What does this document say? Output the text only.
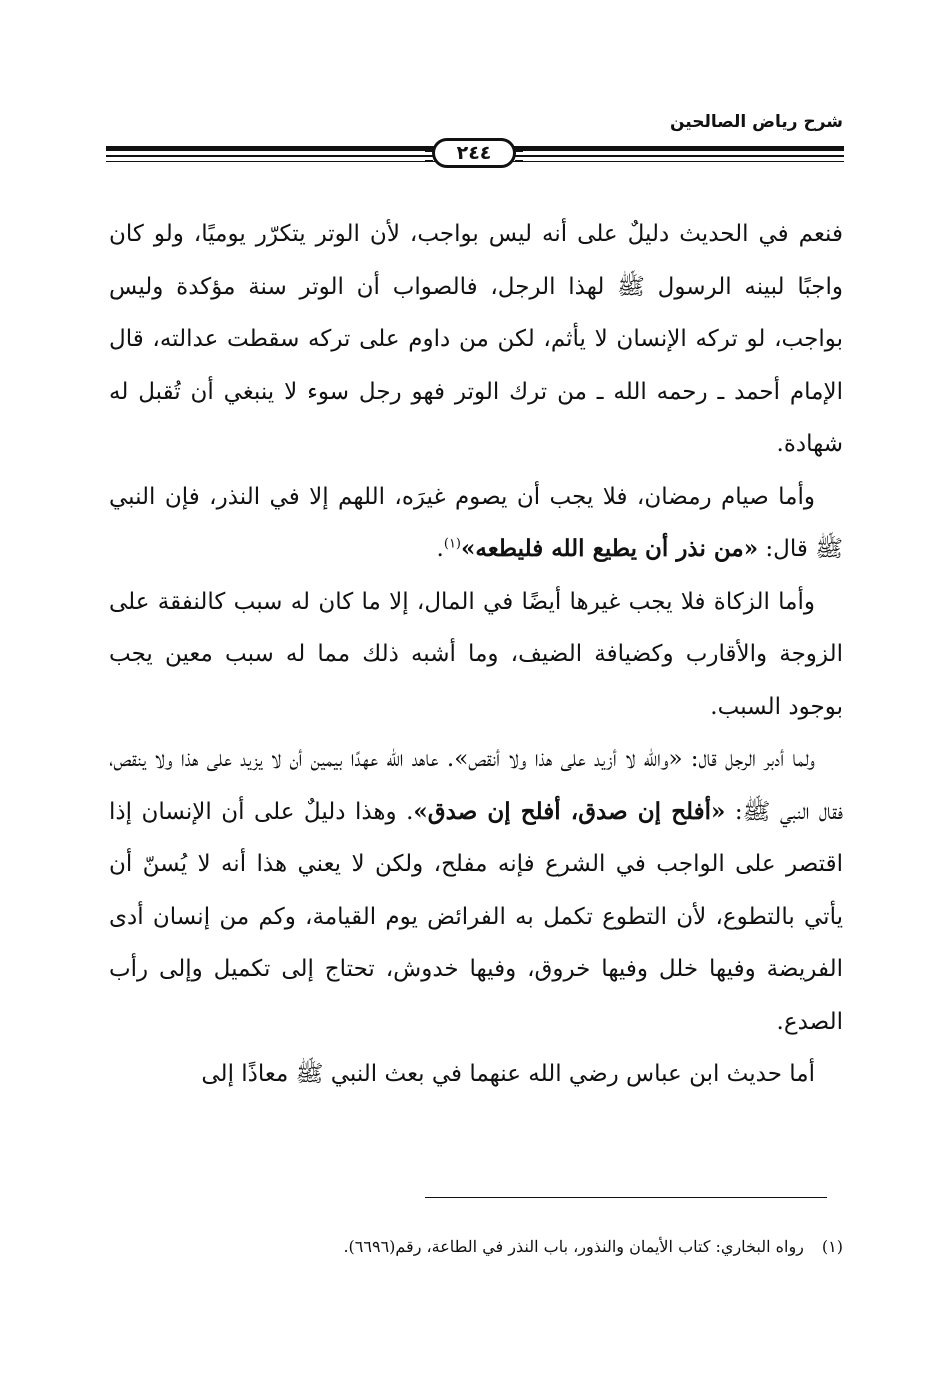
شرح رياض الصالحين
٢٤٤

فنعم في الحديث دليلٌ على أنه ليس بواجب، لأن الوتر يتكرّر يوميًا، ولو كان واجبًا لبينه الرسول ﷺ لهذا الرجل، فالصواب أن الوتر سنة مؤكدة وليس بواجب، لو تركه الإنسان لا يأثم، لكن من داوم على تركه سقطت عدالته، قال الإمام أحمد ـ رحمه الله ـ من ترك الوتر فهو رجل سوء لا ينبغي أن تُقبل له شهادة.

وأما صيام رمضان، فلا يجب أن يصوم غيرَه، اللهم إلا في النذر، فإن النبي ﷺ قال: «من نذر أن يطيع الله فليطعه»$^{(١)}$.

وأما الزكاة فلا يجب غيرها أيضًا في المال، إلا ما كان له سبب كالنفقة على الزوجة والأقارب وكضيافة الضيف، وما أشبه ذلك مما له سبب معين يجب بوجود السبب.

ولما أدبر الرجل قال: «والله لا أزيد على هذا ولا أنقص». عاهد الله عهدًا بيمين أن لا يزيد على هذا ولا ينقص، فقال النبي ﷺ: «أفلح إن صدق، أفلح إن صدق». وهذا دليلٌ على أن الإنسان إذا اقتصر على الواجب في الشرع فإنه مفلح، ولكن لا يعني هذا أنه لا يُسنّ أن يأتي بالتطوع، لأن التطوع تكمل به الفرائض يوم القيامة، وكم من إنسان أدى الفريضة وفيها خلل وفيها خروق، وفيها خدوش، تحتاج إلى تكميل وإلى رأب الصدع.

أما حديث ابن عباس رضي الله عنهما في بعث النبي ﷺ معاذًا إلى

(١)رواه البخاري: كتاب الأيمان والنذور، باب النذر في الطاعة، رقم(٦٦٩٦).
